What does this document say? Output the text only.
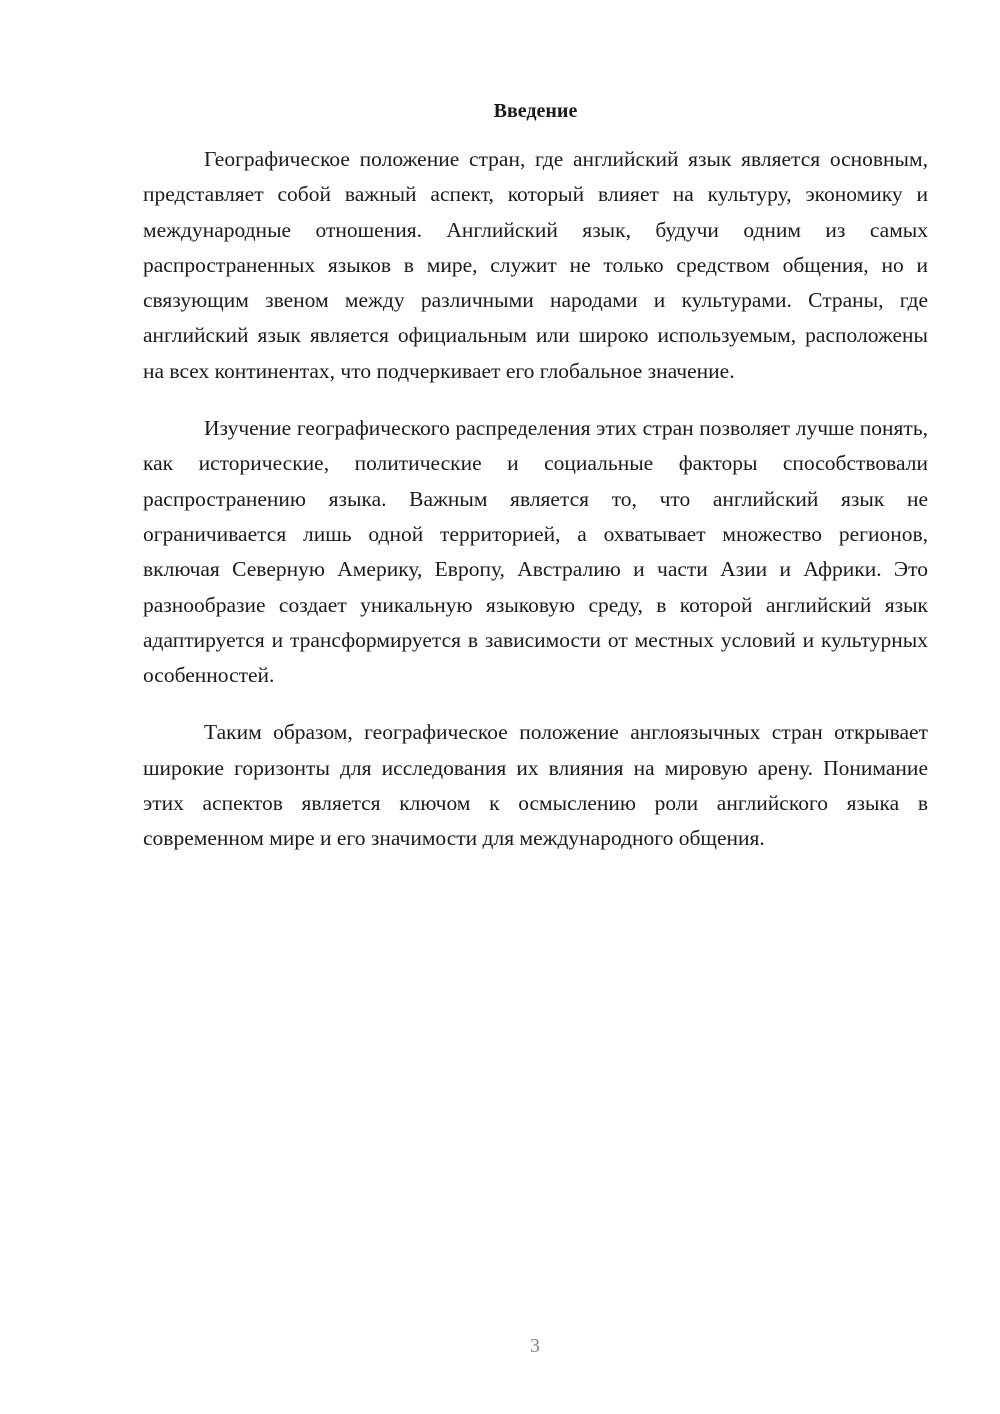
Введение

Географическое положение стран, где английский язык является основным, представляет собой важный аспект, который влияет на культуру, экономику и международные отношения. Английский язык, будучи одним из самых распространенных языков в мире, служит не только средством общения, но и связующим звеном между различными народами и культурами. Страны, где английский язык является официальным или широко используемым, расположены на всех континентах, что подчеркивает его глобальное значение.

Изучение географического распределения этих стран позволяет лучше понять, как исторические, политические и социальные факторы способствовали распространению языка. Важным является то, что английский язык не ограничивается лишь одной территорией, а охватывает множество регионов, включая Северную Америку, Европу, Австралию и части Азии и Африки. Это разнообразие создает уникальную языковую среду, в которой английский язык адаптируется и трансформируется в зависимости от местных условий и культурных особенностей.

Таким образом, географическое положение англоязычных стран открывает широкие горизонты для исследования их влияния на мировую арену. Понимание этих аспектов является ключом к осмыслению роли английского языка в современном мире и его значимости для международного общения.

3
